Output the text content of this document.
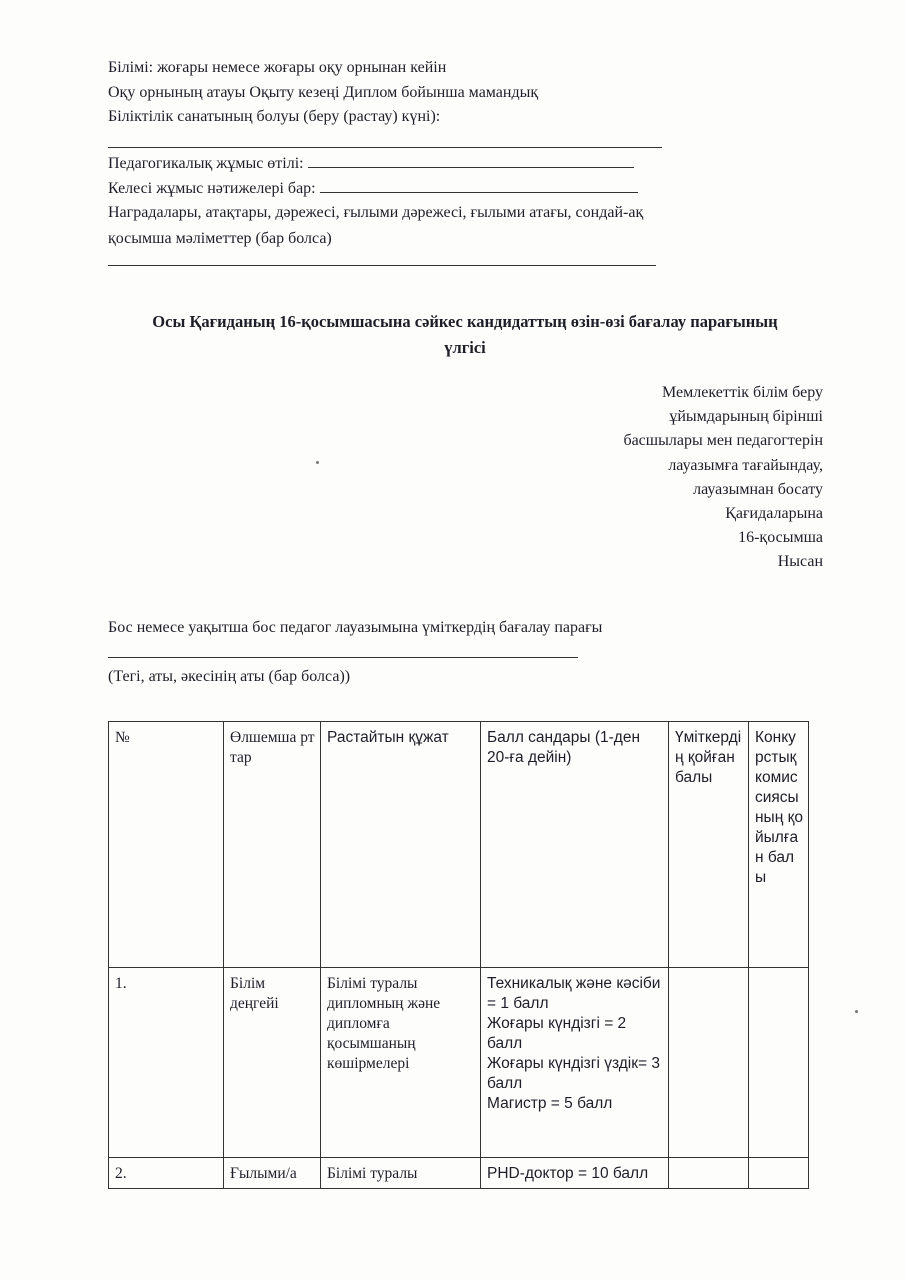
Білімі: жоғары немесе жоғары оқу орнынан кейін
Оқу орнының атауы Оқыту кезеңі Диплом бойынша мамандық
Біліктілік санатының болуы (беру (растау) күні):
Педагогикалық жұмыс өтілі:
Келесі жұмыс нәтижелері бар:
Наградалары, атақтары, дәрежесі, ғылыми дәрежесі, ғылыми атағы, сондай-ақ
қосымша мәліметтер (бар болса)
Осы Қағиданың 16-қосымшасына сәйкес кандидаттың өзін-өзі бағалау парағының
үлгісі
Мемлекеттік білім беру
ұйымдарының бірінші
басшылары мен педагогтерін
лауазымға тағайындау,
лауазымнан босату
Қағидаларына
16-қосымша
Нысан
Бос немесе уақытша бос педагог лауазымына үміткердің бағалау парағы
(Тегі, аты, әкесінің аты (бар болса))
№	Өлшемша рттар	Растайтын құжат	Балл сандары (1-ден 20-ға дейін)	Үміткердің қойған балы	Конкурстық комиссиясының қойылған балы
1.	Білім деңгейі	Білімі туралы дипломның және дипломға қосымшаның көшірмелері	Техникалық және кәсіби
= 1 балл
Жоғары күндізгі = 2 балл
Жоғары күндізгі үздік= 3 балл
Магистр = 5 балл		

2.	Ғылыми/а	Білімі туралы	PHD-доктор = 10 балл		
